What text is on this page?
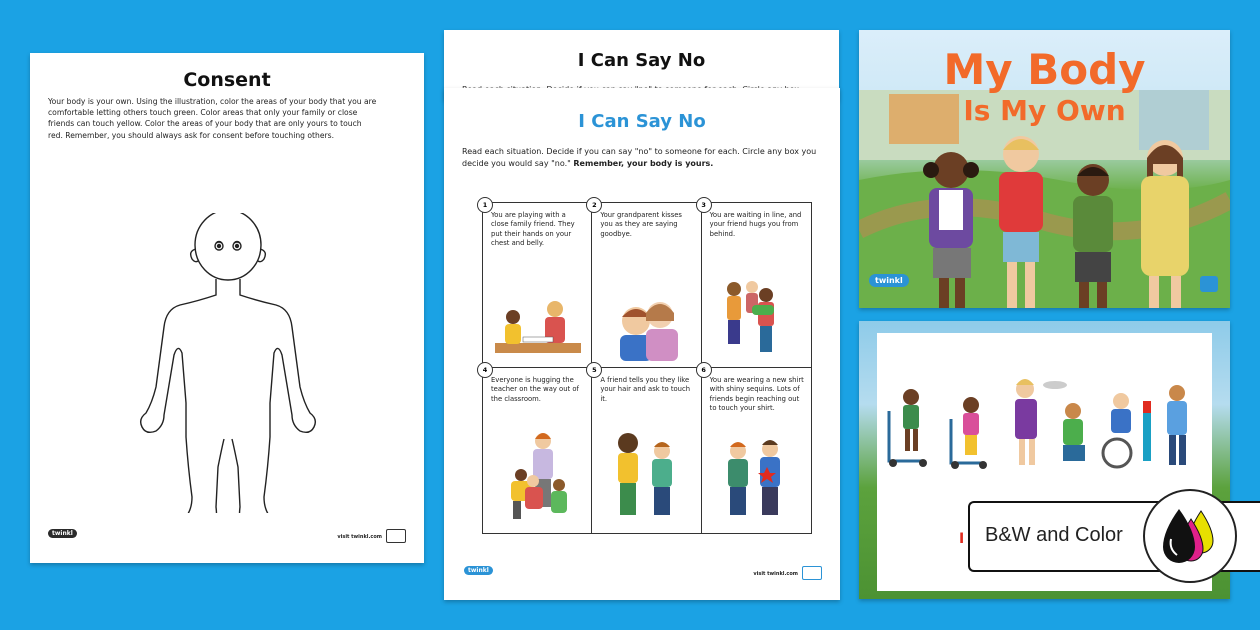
Consent

Your body is your own. Using the illustration, color the areas of your body that you are comfortable letting others touch green. Color areas that only your family or close friends can touch yellow. Color the areas of your body that are only yours to touch red. Remember, you should always ask for consent before touching others.

twinkl	visit twinkl.com
I Can Say No
I Can Say No

Read each situation. Decide if you can say "no" to someone for each. Circle any box you decide you would say "no." Remember, your body is yours.

1
You are playing with a close family friend. They put their hands on your chest and belly.
2
Your grandparent kisses you as they are saying goodbye.
3
You are waiting in line, and your friend hugs you from behind.
4
Everyone is hugging the teacher on the way out of the classroom.
5
A friend tells you they like your hair and ask to touch it.
6
You are wearing a new shirt with shiny sequins. Lots of friends begin reaching out to touch your shirt.
twinkl	visit twinkl.com
My Body
Is My Own
twinkl
I B&W and Color
